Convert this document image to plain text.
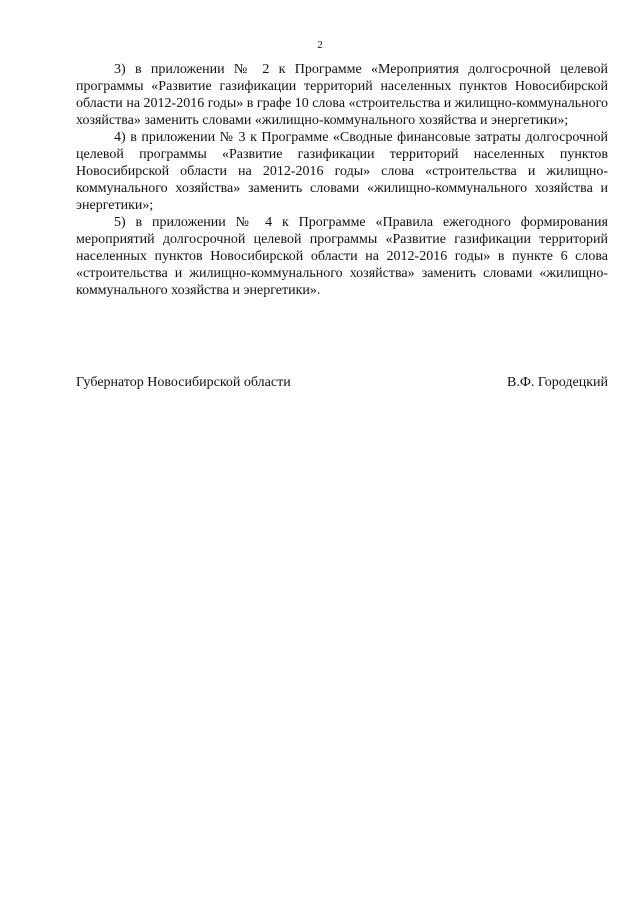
2

3) в приложении № 2 к Программе «Мероприятия долгосрочной целевой программы «Развитие газификации территорий населенных пунктов Новосибирской области на 2012-2016 годы» в графе 10 слова «строительства и жилищно-коммунального хозяйства» заменить словами «жилищно-коммунального хозяйства и энергетики»;

4) в приложении № 3 к Программе «Сводные финансовые затраты долгосрочной целевой программы «Развитие газификации территорий населенных пунктов Новосибирской области на 2012-2016 годы» слова «строительства и жилищно-коммунального хозяйства» заменить словами «жилищно-коммунального хозяйства и энергетики»;

5) в приложении № 4 к Программе «Правила ежегодного формирования мероприятий долгосрочной целевой программы «Развитие газификации территорий населенных пунктов Новосибирской области на 2012-2016 годы» в пункте 6 слова «строительства и жилищно-коммунального хозяйства» заменить словами «жилищно-коммунального хозяйства и энергетики».

Губернатор Новосибирской области	В.Ф. Городецкий
